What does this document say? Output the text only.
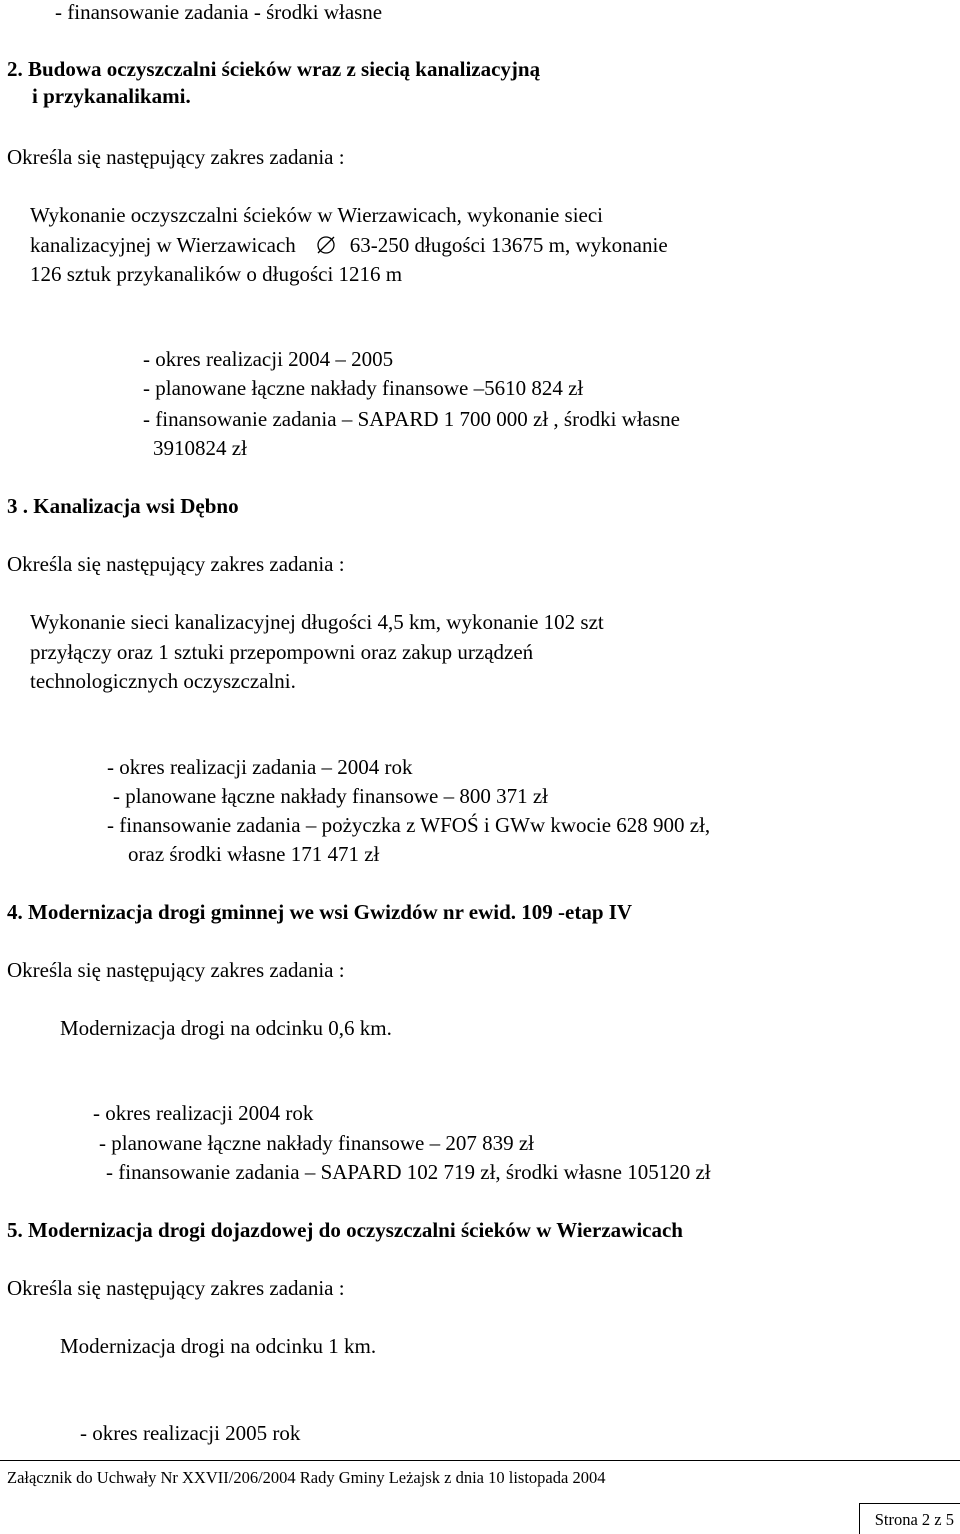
- finansowanie zadania - środki własne
2. Budowa oczyszczalni ścieków wraz z siecią kanalizacyjną
i przykanalikami.
Określa się następujący zakres zadania :
Wykonanie oczyszczalni ścieków w Wierzawicach, wykonanie sieci
kanalizacyjnej w Wierzawicach	63-250 długości 13675 m, wykonanie
126 sztuk przykanalików o długości 1216 m
- okres realizacji 2004 – 2005
- planowane łączne nakłady finansowe –5610 824 zł
- finansowanie zadania – SAPARD 1 700 000 zł , środki własne
3910824 zł
3 . Kanalizacja wsi Dębno
Określa się następujący zakres zadania :
Wykonanie sieci kanalizacyjnej długości 4,5 km, wykonanie 102 szt
przyłączy oraz 1 sztuki przepompowni oraz zakup urządzeń
technologicznych oczyszczalni.
- okres realizacji zadania – 2004 rok
- planowane łączne nakłady finansowe – 800 371 zł
- finansowanie zadania – pożyczka z WFOŚ i GWw kwocie 628 900 zł,
oraz środki własne 171 471 zł
4. Modernizacja drogi gminnej we wsi Gwizdów nr ewid. 109 -etap IV
Określa się następujący zakres zadania :
Modernizacja drogi na odcinku 0,6 km.
- okres realizacji 2004 rok
- planowane łączne nakłady finansowe – 207 839 zł
- finansowanie zadania – SAPARD 102 719 zł, środki własne 105120 zł
5. Modernizacja drogi dojazdowej do oczyszczalni ścieków w Wierzawicach
Określa się następujący zakres zadania :
Modernizacja drogi na odcinku 1 km.
- okres realizacji 2005 rok
Załącznik do Uchwały Nr XXVII/206/2004 Rady Gminy Leżajsk z dnia 10 listopada 2004
Strona 2 z 5
